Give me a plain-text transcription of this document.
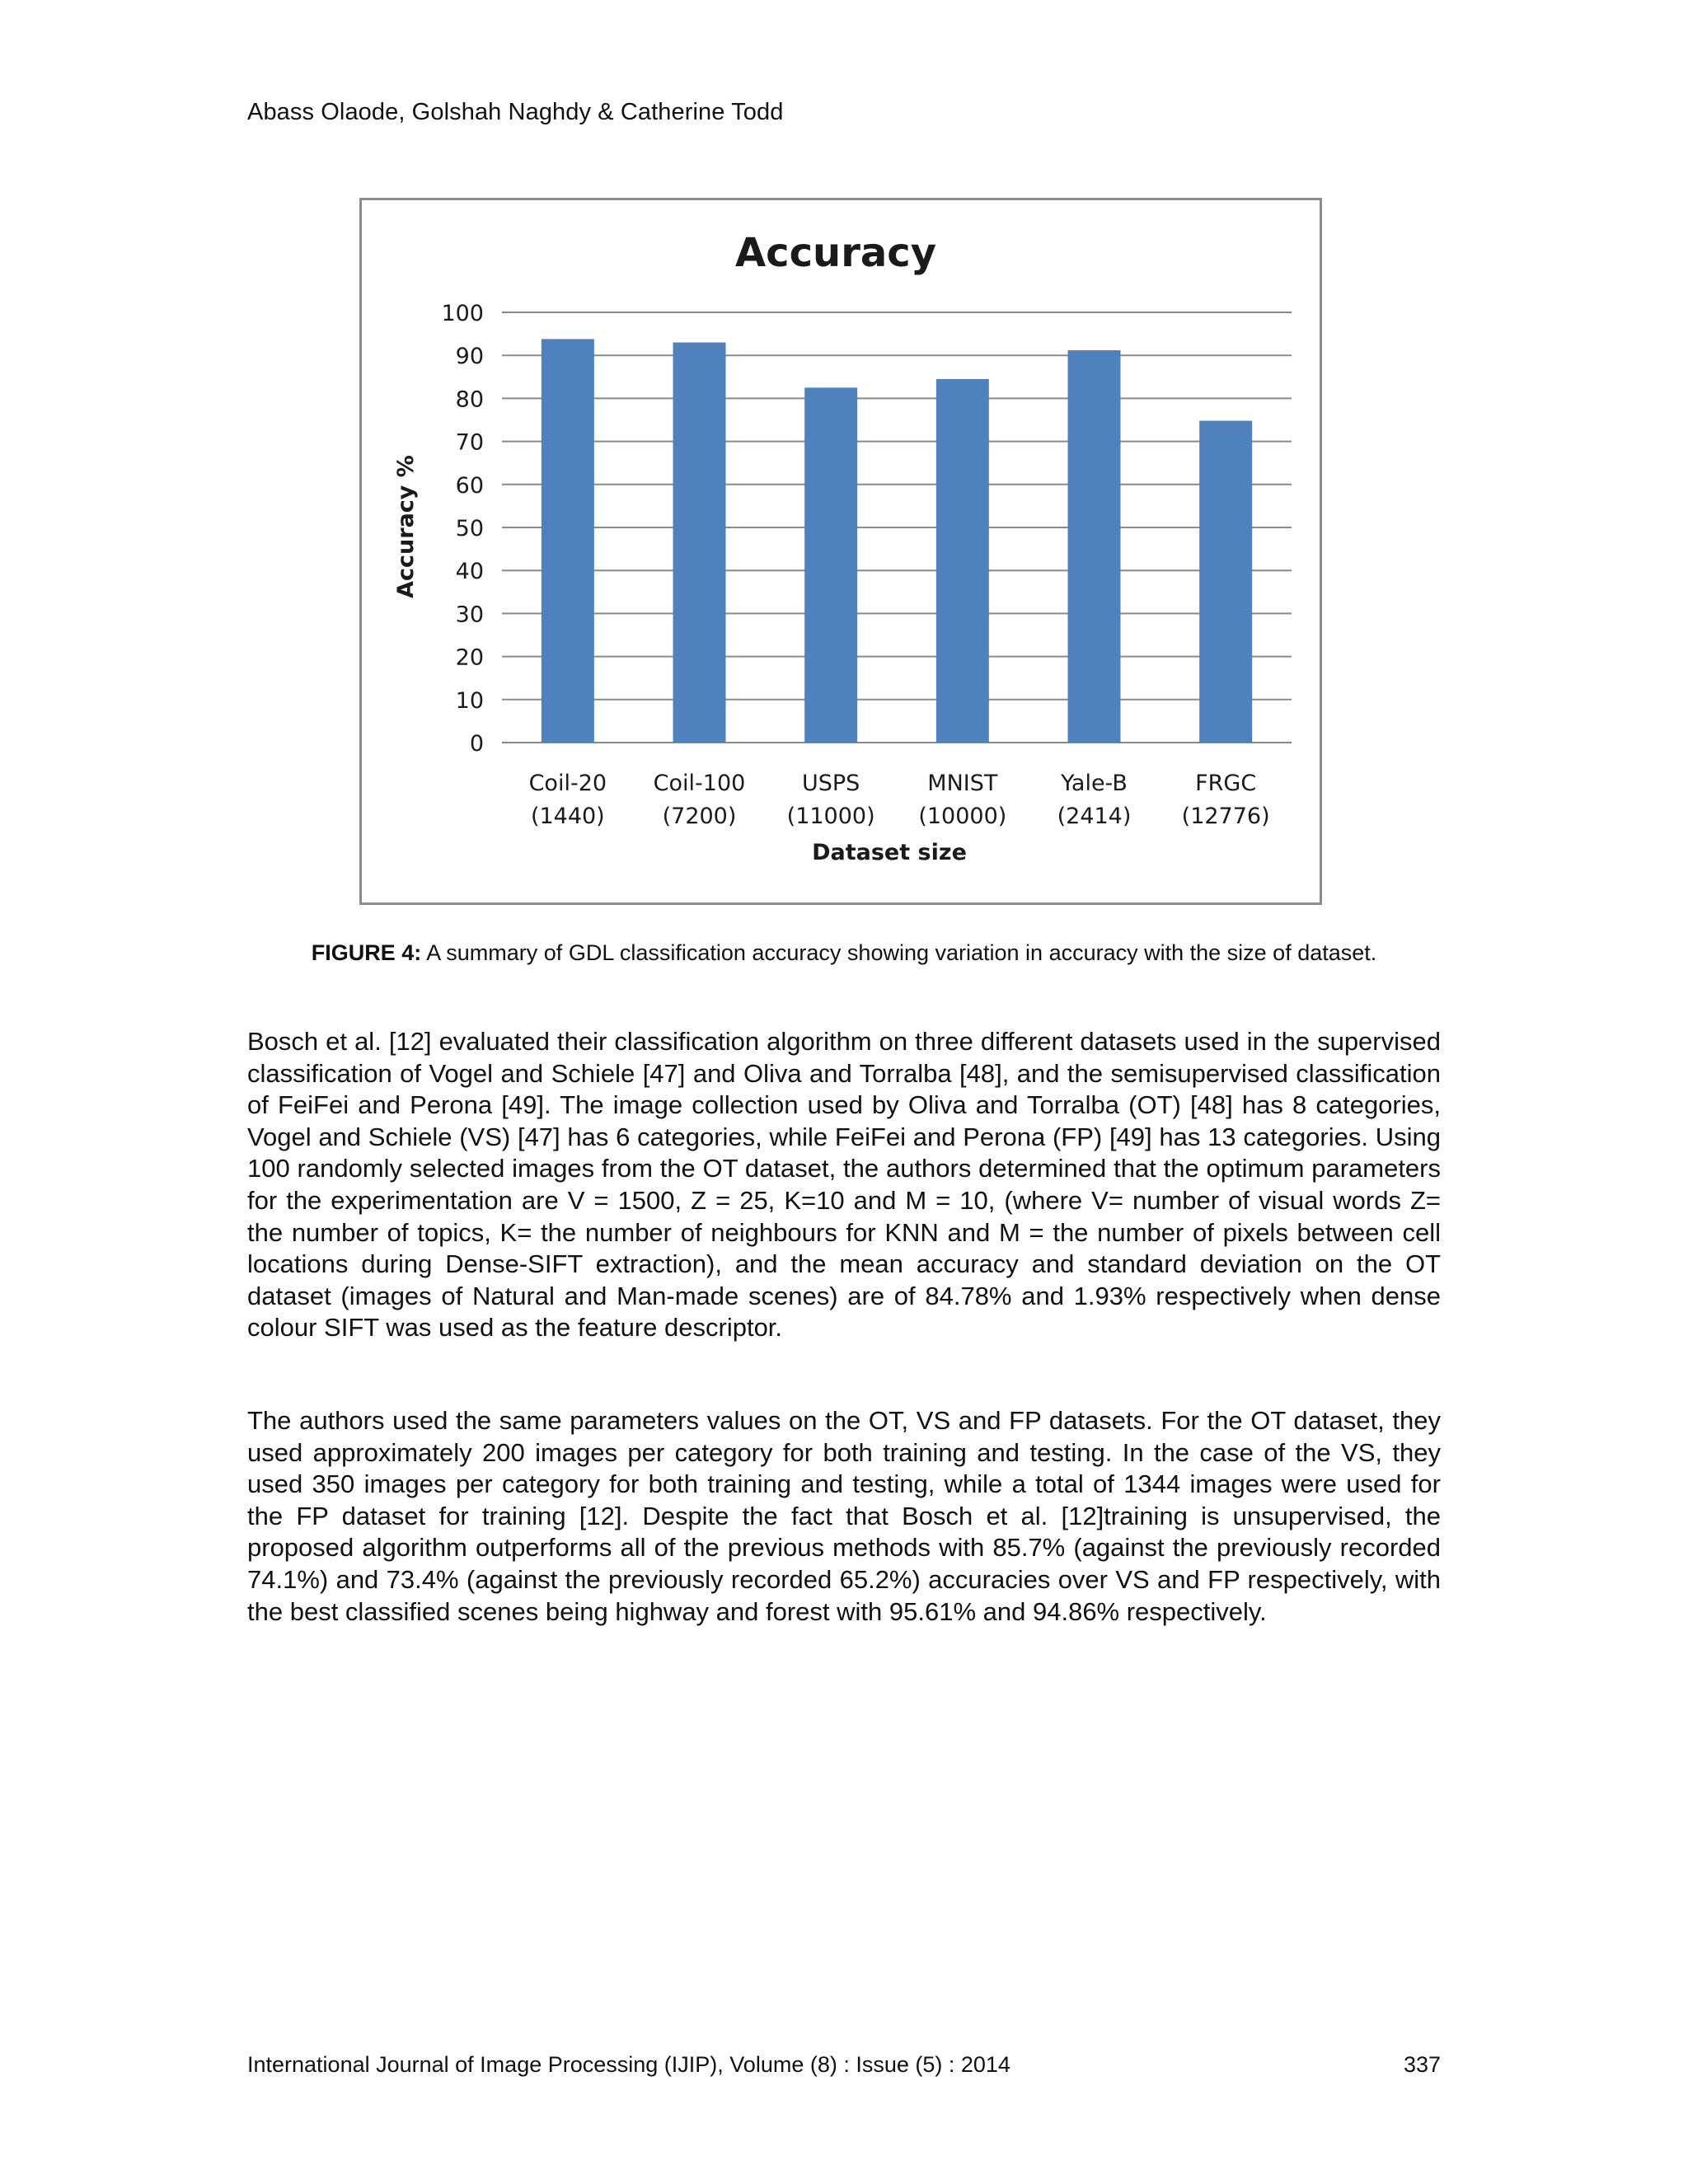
Abass Olaode, Golshah Naghdy & Catherine Todd
Accuracy
0
10
20
30
40
50
60
70
80
90
100
Coil-20
(1440)
Coil-100
(7200)
USPS
(11000)
MNIST
(10000)
Yale-B
(2414)
FRGC
(12776)
Accuracy %
Dataset size
FIGURE 4: A summary of GDL classification accuracy showing variation in accuracy with the size of dataset.

Bosch et al. [12] evaluated their classification algorithm on three different datasets used in the supervised classification of Vogel and Schiele [47] and Oliva and Torralba [48], and the semisupervised classification of FeiFei and Perona [49]. The image collection used by Oliva and Torralba (OT) [48] has 8 categories, Vogel and Schiele (VS) [47] has 6 categories, while FeiFei and Perona (FP) [49] has 13 categories. Using 100 randomly selected images from the OT dataset, the authors determined that the optimum parameters for the experimentation are V = 1500, Z = 25, K=10 and M = 10, (where V= number of visual words Z= the number of topics, K= the number of neighbours for KNN and M = the number of pixels between cell locations during Dense-SIFT extraction), and the mean accuracy and standard deviation on the OT dataset (images of Natural and Man-made scenes) are of 84.78% and 1.93% respectively when dense colour SIFT was used as the feature descriptor.

The authors used the same parameters values on the OT, VS and FP datasets. For the OT dataset, they used approximately 200 images per category for both training and testing. In the case of the VS, they used 350 images per category for both training and testing, while a total of 1344 images were used for the FP dataset for training [12]. Despite the fact that Bosch et al. [12]training is unsupervised, the proposed algorithm outperforms all of the previous methods with 85.7% (against the previously recorded 74.1%) and 73.4% (against the previously recorded 65.2%) accuracies over VS and FP respectively, with the best classified scenes being highway and forest with 95.61% and 94.86% respectively.

International Journal of Image Processing (IJIP), Volume (8) : Issue (5) : 2014	337
